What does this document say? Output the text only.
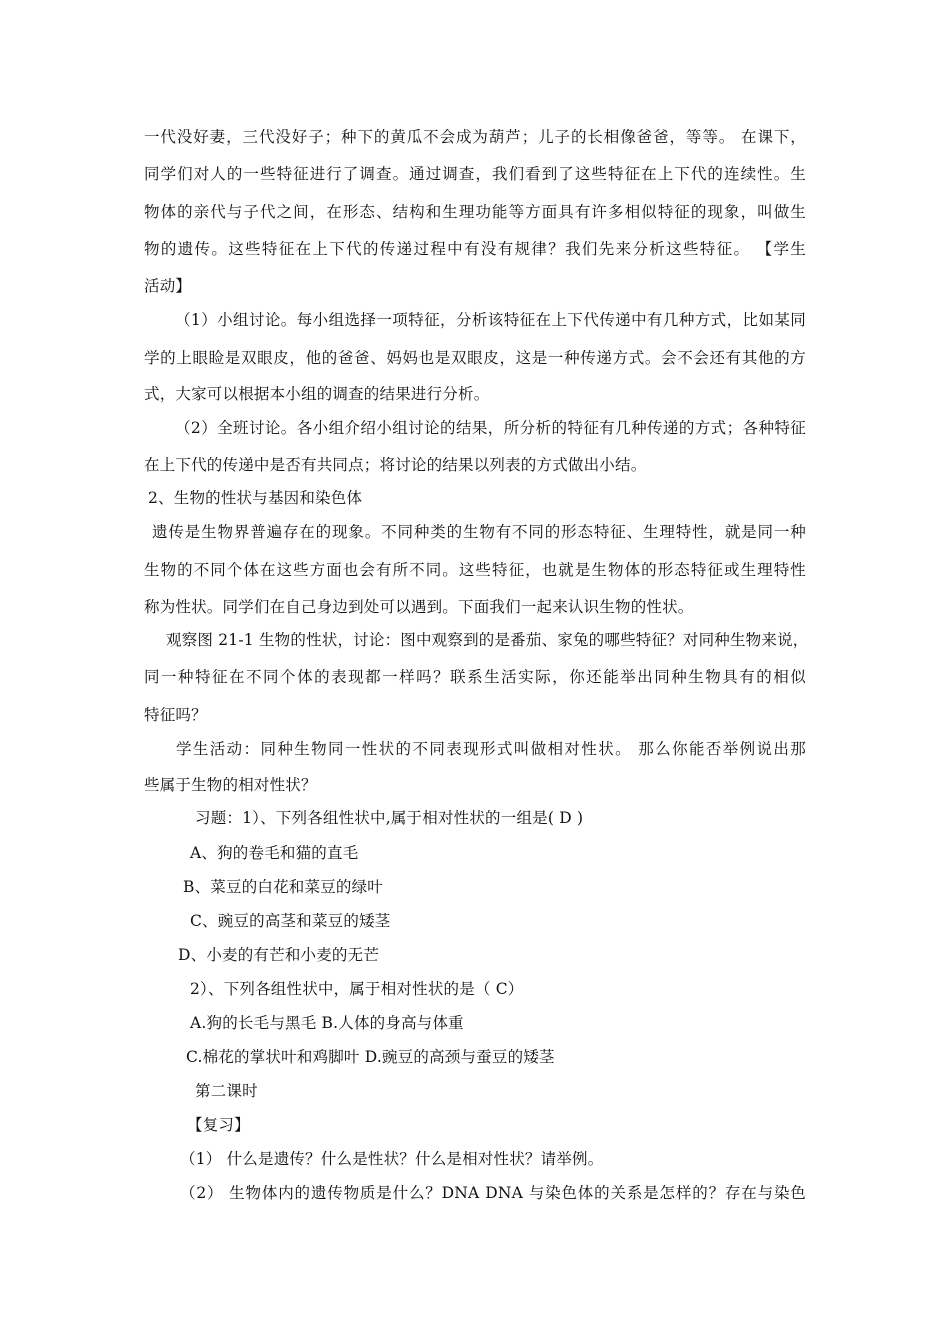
一代没好妻，三代没好子；种下的黄瓜不会成为葫芦；儿子的长相像爸爸，等等。 在课下，
同学们对人的一些特征进行了调查。通过调查，我们看到了这些特征在上下代的连续性。生
物体的亲代与子代之间，在形态、结构和生理功能等方面具有许多相似特征的现象，叫做生
物的遗传。这些特征在上下代的传递过程中有没有规律？我们先来分析这些特征。 【学生
活动】
（1）小组讨论。每小组选择一项特征，分析该特征在上下代传递中有几种方式，比如某同
学的上眼睑是双眼皮，他的爸爸、妈妈也是双眼皮，这是一种传递方式。会不会还有其他的方
式，大家可以根据本小组的调查的结果进行分析。
（2）全班讨论。各小组介绍小组讨论的结果，所分析的特征有几种传递的方式；各种特征
在上下代的传递中是否有共同点；将讨论的结果以列表的方式做出小结。
2、生物的性状与基因和染色体
遗传是生物界普遍存在的现象。不同种类的生物有不同的形态特征、生理特性，就是同一种
生物的不同个体在这些方面也会有所不同。这些特征，也就是生物体的形态特征或生理特性
称为性状。同学们在自己身边到处可以遇到。下面我们一起来认识生物的性状。
观察图 21-1 生物的性状，讨论：图中观察到的是番茄、家兔的哪些特征？对同种生物来说，
同一种特征在不同个体的表现都一样吗？联系生活实际，你还能举出同种生物具有的相似
特征吗？
学生活动：同种生物同一性状的不同表现形式叫做相对性状。 那么你能否举例说出那
些属于生物的相对性状？
习题：1）、下列各组性状中,属于相对性状的一组是( D )
A、狗的卷毛和猫的直毛
B、菜豆的白花和菜豆的绿叶
C、豌豆的高茎和菜豆的矮茎
D、小麦的有芒和小麦的无芒
2）、下列各组性状中，属于相对性状的是（ C）
A.狗的长毛与黑毛 B.人体的身高与体重
C.棉花的掌状叶和鸡脚叶 D.豌豆的高颈与蚕豆的矮茎
第二课时
【复习】
（1） 什么是遗传？什么是性状？什么是相对性状？请举例。
（2） 生物体内的遗传物质是什么？DNA DNA 与染色体的关系是怎样的？存在与染色
